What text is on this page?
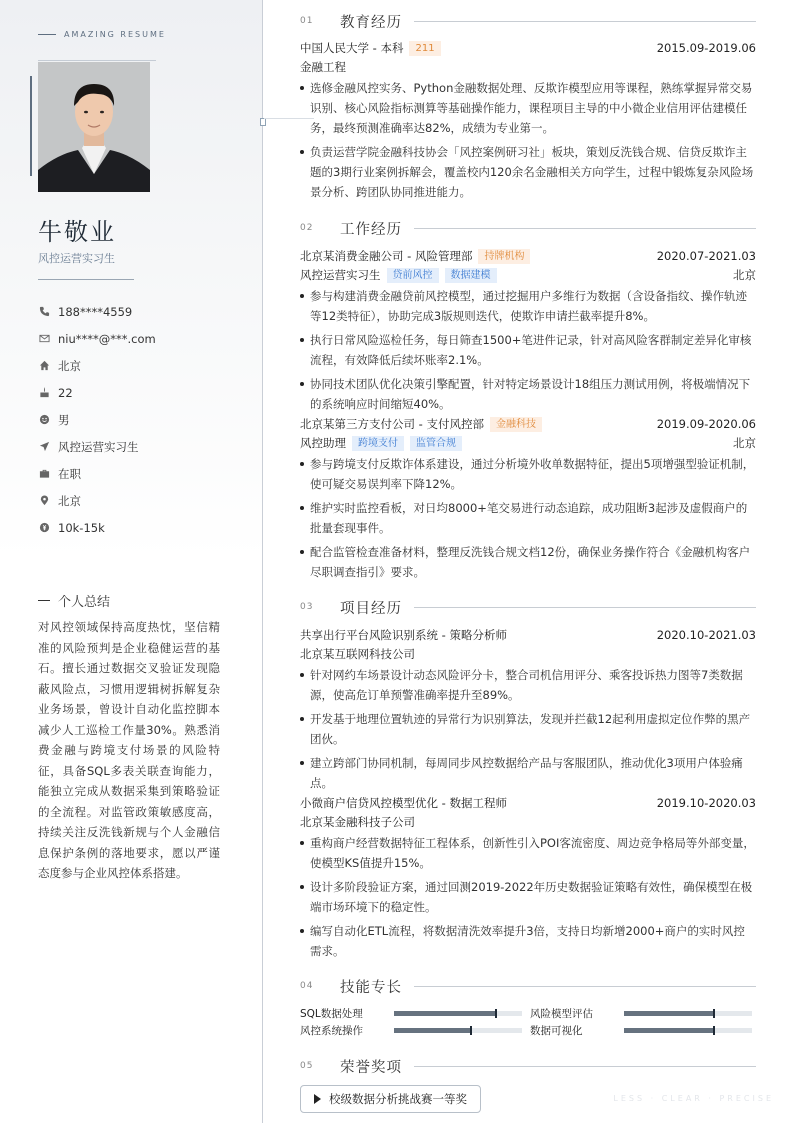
AMAZING RESUME
牛敬业
风控运营实习生
188****4559
niu****@***.com
北京
22
男
风控运营实习生
在职
北京
10k-15k
个人总结
对风控领域保持高度热忱，坚信精准的风险预判是企业稳健运营的基石。擅长通过数据交叉验证发现隐蔽风险点，习惯用逻辑树拆解复杂业务场景，曾设计自动化监控脚本减少人工巡检工作量30%。熟悉消费金融与跨境支付场景的风险特征，具备SQL多表关联查询能力，能独立完成从数据采集到策略验证的全流程。对监管政策敏感度高，持续关注反洗钱新规与个人金融信息保护条例的落地要求，愿以严谨态度参与企业风控体系搭建。
01	教育经历
中国人民大学 - 本科	211	2015.09-2019.06
金融工程
选修金融风控实务、Python金融数据处理、反欺诈模型应用等课程，熟练掌握异常交易识别、核心风险指标测算等基础操作能力，课程项目主导的中小微企业信用评估建模任务，最终预测准确率达82%，成绩为专业第一。
负责运营学院金融科技协会「风控案例研习社」板块，策划反洗钱合规、信贷反欺诈主题的3期行业案例拆解会，覆盖校内120余名金融相关方向学生，过程中锻炼复杂风险场景分析、跨团队协同推进能力。
02	工作经历
北京某消费金融公司 - 风险管理部	持牌机构	2020.07-2021.03
风控运营实习生	贷前风控	数据建模	北京
参与构建消费金融贷前风控模型，通过挖掘用户多维行为数据（含设备指纹、操作轨迹等12类特征），协助完成3版规则迭代，使欺诈申请拦截率提升8%。
执行日常风险巡检任务，每日筛查1500+笔进件记录，针对高风险客群制定差异化审核流程，有效降低后续坏账率2.1%。
协同技术团队优化决策引擎配置，针对特定场景设计18组压力测试用例，将极端情况下的系统响应时间缩短40%。
北京某第三方支付公司 - 支付风控部	金融科技	2019.09-2020.06
风控助理	跨境支付	监管合规	北京
参与跨境支付反欺诈体系建设，通过分析境外收单数据特征，提出5项增强型验证机制，使可疑交易误判率下降12%。
维护实时监控看板，对日均8000+笔交易进行动态追踪，成功阻断3起涉及虚假商户的批量套现事件。
配合监管检查准备材料，整理反洗钱合规文档12份，确保业务操作符合《金融机构客户尽职调查指引》要求。
03	项目经历
共享出行平台风险识别系统 - 策略分析师	2020.10-2021.03
北京某互联网科技公司
针对网约车场景设计动态风险评分卡，整合司机信用评分、乘客投诉热力图等7类数据源，使高危订单预警准确率提升至89%。
开发基于地理位置轨迹的异常行为识别算法，发现并拦截12起利用虚拟定位作弊的黑产团伙。
建立跨部门协同机制，每周同步风控数据给产品与客服团队，推动优化3项用户体验痛点。
小微商户信贷风控模型优化 - 数据工程师	2019.10-2020.03
北京某金融科技子公司
重构商户经营数据特征工程体系，创新性引入POI客流密度、周边竞争格局等外部变量，使模型KS值提升15%。
设计多阶段验证方案，通过回测2019-2022年历史数据验证策略有效性，确保模型在极端市场环境下的稳定性。
编写自动化ETL流程，将数据清洗效率提升3倍，支持日均新增2000+商户的实时风控需求。
04	技能专长
SQL数据处理	风险模型评估
风控系统操作	数据可视化
05	荣誉奖项
校级数据分析挑战赛一等奖	LESS · CLEAR · PRECISE
